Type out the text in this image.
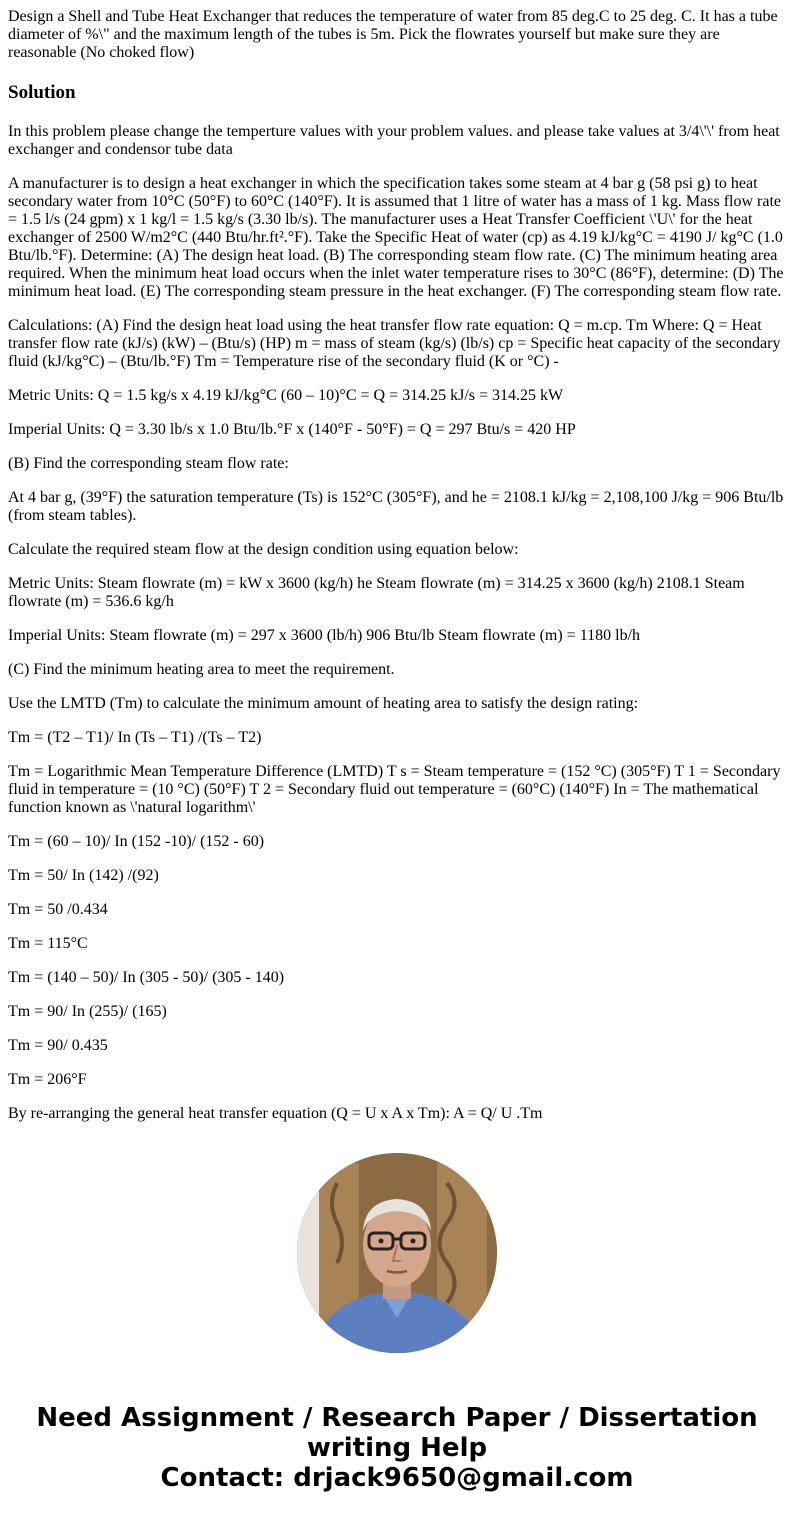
Design a Shell and Tube Heat Exchanger that reduces the temperature of water from 85 deg.C to 25 deg. C. It has a tube diameter of %\" and the maximum length of the tubes is 5m. Pick the flowrates yourself but make sure they are reasonable (No choked flow)

Solution

In this problem please change the temperture values with your problem values. and please take values at 3/4\'\' from heat exchanger and condensor tube data

A manufacturer is to design a heat exchanger in which the specification takes some steam at 4 bar g (58 psi g) to heat secondary water from 10°C (50°F) to 60°C (140°F). It is assumed that 1 litre of water has a mass of 1 kg. Mass flow rate = 1.5 l/s (24 gpm) x 1 kg/l = 1.5 kg/s (3.30 lb/s). The manufacturer uses a Heat Transfer Coefficient \'U\' for the heat exchanger of 2500 W/m2°C (440 Btu/hr.ft².°F). Take the Specific Heat of water (cp) as 4.19 kJ/kg°C = 4190 J/ kg°C (1.0 Btu/lb.°F). Determine: (A) The design heat load. (B) The corresponding steam flow rate. (C) The minimum heating area required. When the minimum heat load occurs when the inlet water temperature rises to 30°C (86°F), determine: (D) The minimum heat load. (E) The corresponding steam pressure in the heat exchanger. (F) The corresponding steam flow rate.

Calculations: (A) Find the design heat load using the heat transfer flow rate equation: Q = m.cp. Tm Where: Q = Heat transfer flow rate (kJ/s) (kW) – (Btu/s) (HP) m = mass of steam (kg/s) (lb/s) cp = Specific heat capacity of the secondary fluid (kJ/kg°C) – (Btu/lb.°F) Tm = Temperature rise of the secondary fluid (K or °C) -

Metric Units: Q = 1.5 kg/s x 4.19 kJ/kg°C (60 – 10)°C = Q = 314.25 kJ/s = 314.25 kW

Imperial Units: Q = 3.30 lb/s x 1.0 Btu/lb.°F x (140°F - 50°F) = Q = 297 Btu/s = 420 HP

(B) Find the corresponding steam flow rate:

At 4 bar g, (39°F) the saturation temperature (Ts) is 152°C (305°F), and he = 2108.1 kJ/kg = 2,108,100 J/kg = 906 Btu/lb (from steam tables).

Calculate the required steam flow at the design condition using equation below:

Metric Units: Steam flowrate (m) = kW x 3600 (kg/h) he Steam flowrate (m) = 314.25 x 3600 (kg/h) 2108.1 Steam flowrate (m) = 536.6 kg/h

Imperial Units: Steam flowrate (m) = 297 x 3600 (lb/h) 906 Btu/lb Steam flowrate (m) = 1180 lb/h

(C) Find the minimum heating area to meet the requirement.

Use the LMTD (Tm) to calculate the minimum amount of heating area to satisfy the design rating:

Tm = (T2 – T1)/ In (Ts – T1) /(Ts – T2)

Tm = Logarithmic Mean Temperature Difference (LMTD) T s = Steam temperature = (152 °C) (305°F) T 1 = Secondary fluid in temperature = (10 °C) (50°F) T 2 = Secondary fluid out temperature = (60°C) (140°F) In = The mathematical function known as \'natural logarithm\'

Tm = (60 – 10)/ In (152 -10)/ (152 - 60)

Tm = 50/ In (142) /(92)

Tm = 50 /0.434

Tm = 115°C

Tm = (140 – 50)/ In (305 - 50)/ (305 - 140)

Tm = 90/ In (255)/ (165)

Tm = 90/ 0.435

Tm = 206°F

By re-arranging the general heat transfer equation (Q = U x A x Tm): A = Q/ U .Tm

Need Assignment / Research Paper / Dissertation
writing Help
Contact: drjack9650@gmail.com
